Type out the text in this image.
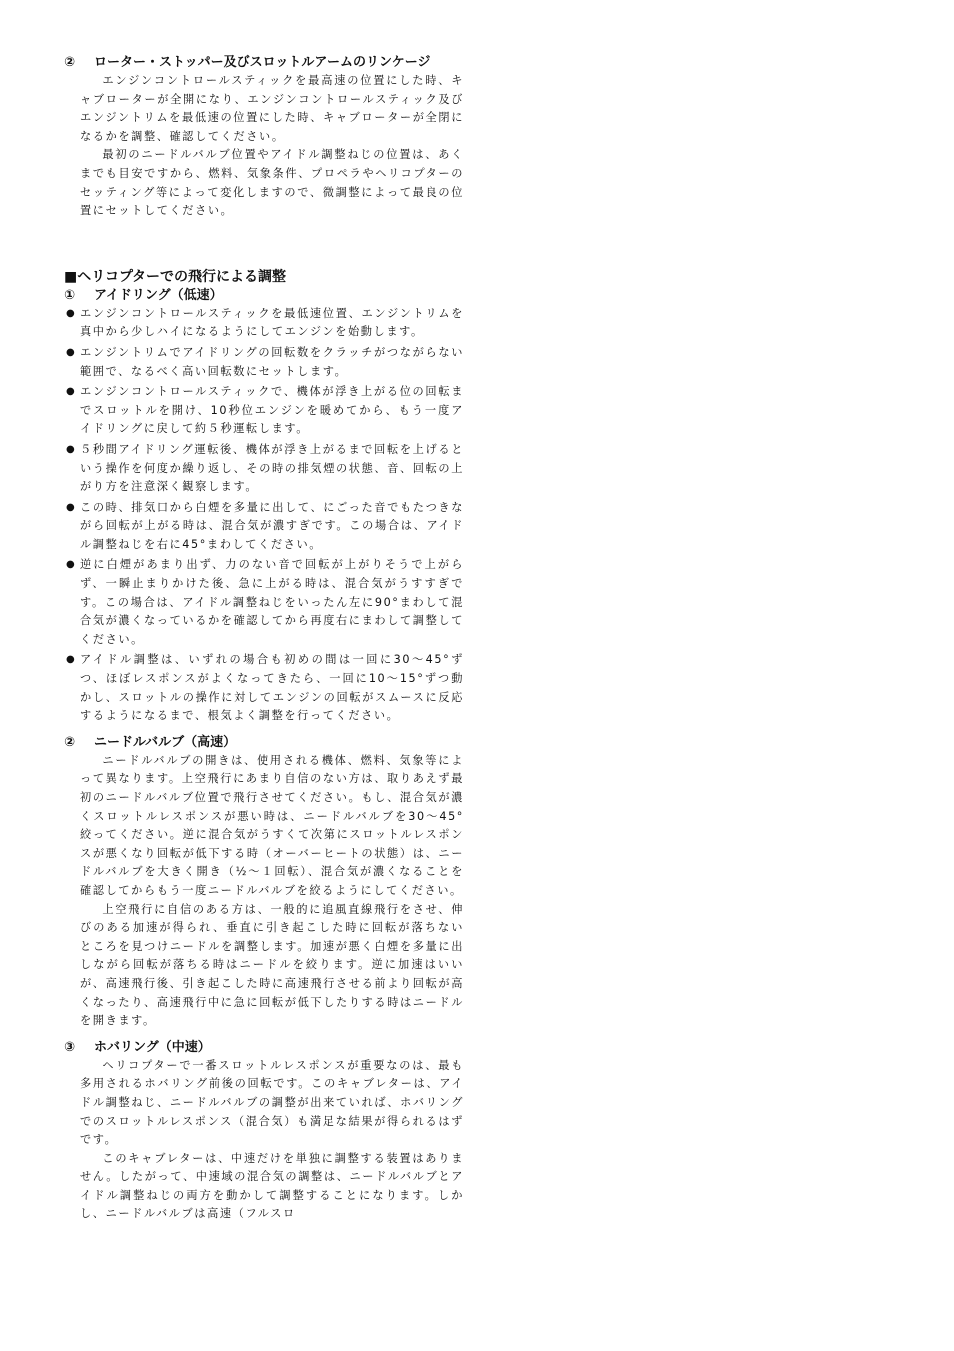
②	ローター・ストッパー及びスロットルアームのリンケージ

エンジンコントロールスティックを最高速の位置にした時、キャブローターが全開になり、エンジンコントロールスティック及びエンジントリムを最低速の位置にした時、キャブローターが全閉になるかを調整、確認してください。

最初のニードルバルブ位置やアイドル調整ねじの位置は、あくまでも目安ですから、燃料、気象条件、プロペラやヘリコプターのセッティング等によって変化しますので、微調整によって最良の位置にセットしてください。

■ヘリコプターでの飛行による調整
①	アイドリング（低速）
● エンジンコントロールスティックを最低速位置、エンジントリムを真中から少しハイになるようにしてエンジンを始動します。
● エンジントリムでアイドリングの回転数をクラッチがつながらない範囲で、なるべく高い回転数にセットします。
● エンジンコントロールスティックで、機体が浮き上がる位の回転までスロットルを開け、10秒位エンジンを暖めてから、もう一度アイドリングに戻して約５秒運転します。
● ５秒間アイドリング運転後、機体が浮き上がるまで回転を上げるという操作を何度か繰り返し、その時の排気煙の状態、音、回転の上がり方を注意深く観察します。
● この時、排気口から白煙を多量に出して、にごった音でもたつきながら回転が上がる時は、混合気が濃すぎです。この場合は、アイドル調整ねじを右に45°まわしてください。
● 逆に白煙があまり出ず、力のない音で回転が上がりそうで上がらず、一瞬止まりかけた後、急に上がる時は、混合気がうすすぎです。この場合は、アイドル調整ねじをいったん左に90°まわして混合気が濃くなっているかを確認してから再度右にまわして調整してください。
● アイドル調整は、いずれの場合も初めの間は一回に30〜45°ずつ、ほぼレスポンスがよくなってきたら、一回に10〜15°ずつ動かし、スロットルの操作に対してエンジンの回転がスムースに反応するようになるまで、根気よく調整を行ってください。
②	ニードルバルブ（高速）

ニードルバルブの開きは、使用される機体、燃料、気象等によって異なります。上空飛行にあまり自信のない方は、取りあえず最初のニードルバルブ位置で飛行させてください。もし、混合気が濃くスロットルレスポンスが悪い時は、ニードルバルブを30〜45°絞ってください。逆に混合気がうすくて次第にスロットルレスポンスが悪くなり回転が低下する時（オーバーヒートの状態）は、ニードルバルブを大きく開き（½〜１回転）、混合気が濃くなることを確認してからもう一度ニードルバルブを絞るようにしてください。

上空飛行に自信のある方は、一般的に追風直線飛行をさせ、伸びのある加速が得られ、垂直に引き起こした時に回転が落ちないところを見つけニードルを調整します。加速が悪く白煙を多量に出しながら回転が落ちる時はニードルを絞ります。逆に加速はいいが、高速飛行後、引き起こした時に高速飛行させる前より回転が高くなったり、高速飛行中に急に回転が低下したりする時はニードルを開きます。

③	ホバリング（中速）

ヘリコプターで一番スロットルレスポンスが重要なのは、最も多用されるホバリング前後の回転です。このキャブレターは、アイドル調整ねじ、ニードルバルブの調整が出来ていれば、ホバリングでのスロットルレスポンス（混合気）も満足な結果が得られるはずです。

このキャブレターは、中速だけを単独に調整する装置はありません。したがって、中速域の混合気の調整は、ニードルバルブとアイドル調整ねじの両方を動かして調整することになります。しかし、ニードルバルブは高速（フルスロ
